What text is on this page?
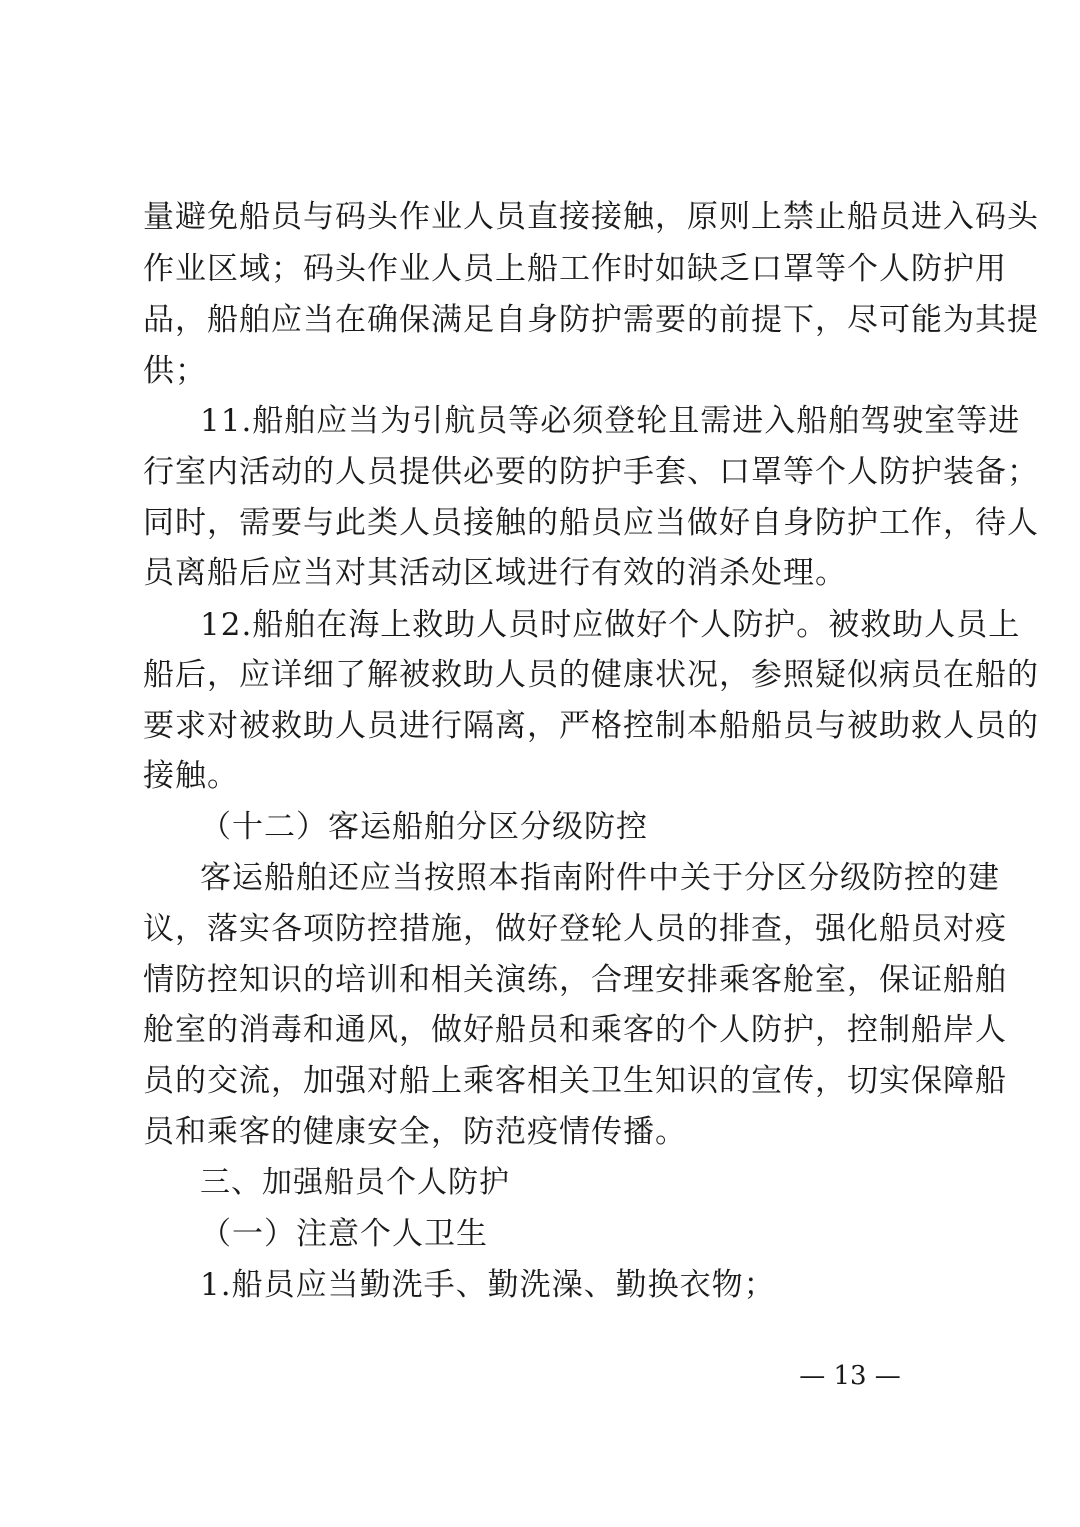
量避免船员与码头作业人员直接接触，原则上禁止船员进入码头
作业区域；码头作业人员上船工作时如缺乏口罩等个人防护用
品，船舶应当在确保满足自身防护需要的前提下，尽可能为其提
供；
11.船舶应当为引航员等必须登轮且需进入船舶驾驶室等进
行室内活动的人员提供必要的防护手套、口罩等个人防护装备；
同时，需要与此类人员接触的船员应当做好自身防护工作，待人
员离船后应当对其活动区域进行有效的消杀处理。
12.船舶在海上救助人员时应做好个人防护。被救助人员上
船后，应详细了解被救助人员的健康状况，参照疑似病员在船的
要求对被救助人员进行隔离，严格控制本船船员与被助救人员的
接触。
（十二）客运船舶分区分级防控
客运船舶还应当按照本指南附件中关于分区分级防控的建
议，落实各项防控措施，做好登轮人员的排查，强化船员对疫
情防控知识的培训和相关演练，合理安排乘客舱室，保证船舶
舱室的消毒和通风，做好船员和乘客的个人防护，控制船岸人
员的交流，加强对船上乘客相关卫生知识的宣传，切实保障船
员和乘客的健康安全，防范疫情传播。
三、加强船员个人防护
（一）注意个人卫生
1.船员应当勤洗手、勤洗澡、勤换衣物；
— 13 —
